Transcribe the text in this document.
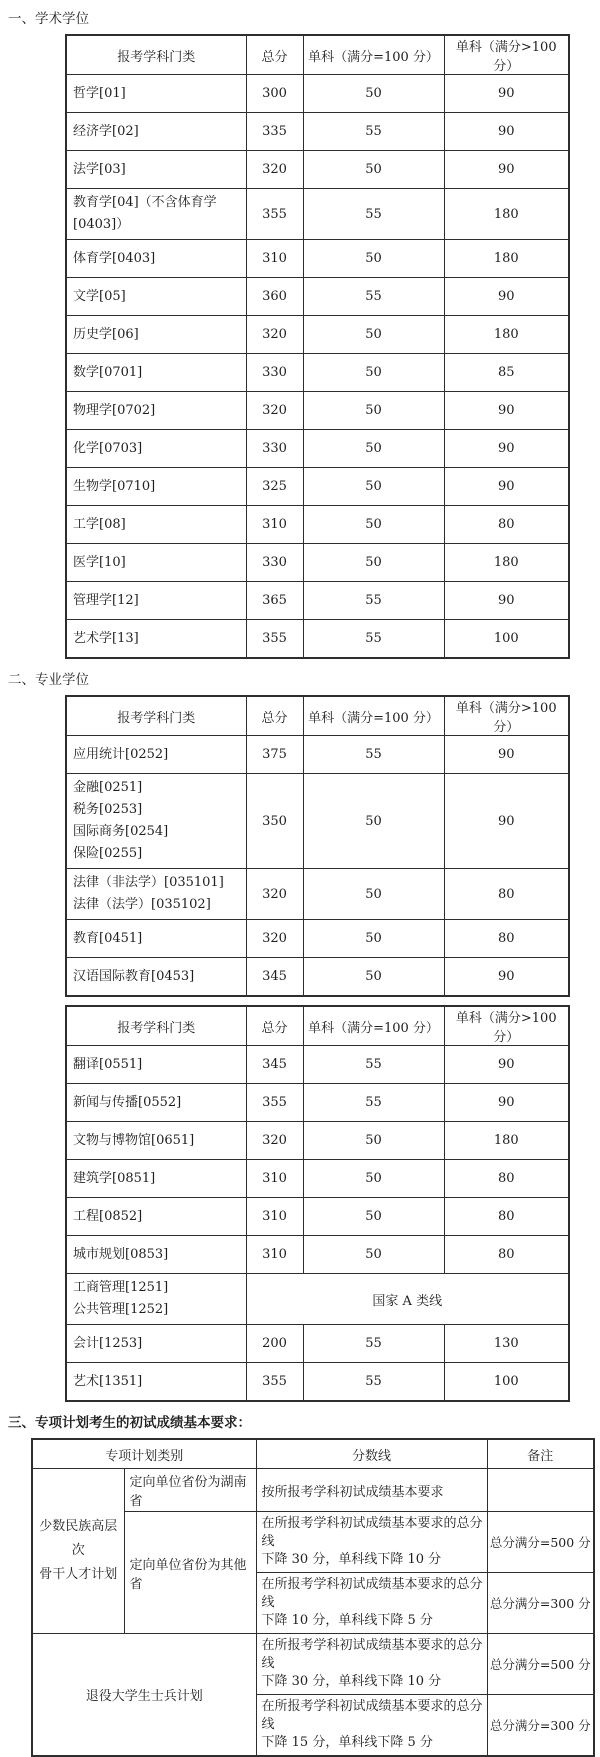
一、学术学位
报考学科门类	总分	单科（满分=100 分）	单科（满分>100 分）

哲学[01]	300	50	90

经济学[02]	335	55	90

法学[03]	320	50	90

教育学[04]（不含体育学[0403]）	355	55	180

体育学[0403]	310	50	180

文学[05]	360	55	90

历史学[06]	320	50	180

数学[0701]	330	50	85

物理学[0702]	320	50	90

化学[0703]	330	50	90

生物学[0710]	325	50	90

工学[08]	310	50	80

医学[10]	330	50	180

管理学[12]	365	55	90

艺术学[13]	355	55	100
二、专业学位
报考学科门类	总分	单科（满分=100 分）	单科（满分>100 分）

应用统计[0252]	375	55	90

金融[0251]
税务[0253]
国际商务[0254]
保险[0255]	350	50	90

法律（非法学）[035101]
法律（法学）[035102]	320	50	80

教育[0451]	320	50	80

汉语国际教育[0453]	345	50	90
报考学科门类	总分	单科（满分=100 分）	单科（满分>100 分）

翻译[0551]	345	55	90

新闻与传播[0552]	355	55	90

文物与博物馆[0651]	320	50	180

建筑学[0851]	310	50	80

工程[0852]	310	50	80

城市规划[0853]	310	50	80

工商管理[1251]
公共管理[1252]	国家 A 类线		

会计[1253]	200	55	130

艺术[1351]	355	55	100
三、专项计划考生的初试成绩基本要求：
专项计划类别		分数线	备注

少数民族高层次
骨干人才计划	定向单位省份为湖南省	按所报考学科初试成绩基本要求	
	定向单位省份为其他省	在所报考学科初试成绩基本要求的总分线
下降 30 分，单科线下降 10 分	总分满分=500 分

		在所报考学科初试成绩基本要求的总分线
下降 10 分，单科线下降 5 分	总分满分=300 分
退役大学生士兵计划		在所报考学科初试成绩基本要求的总分线
下降 30 分，单科线下降 10 分	总分满分=500 分

		在所报考学科初试成绩基本要求的总分线
下降 15 分，单科线下降 5 分	总分满分=300 分
